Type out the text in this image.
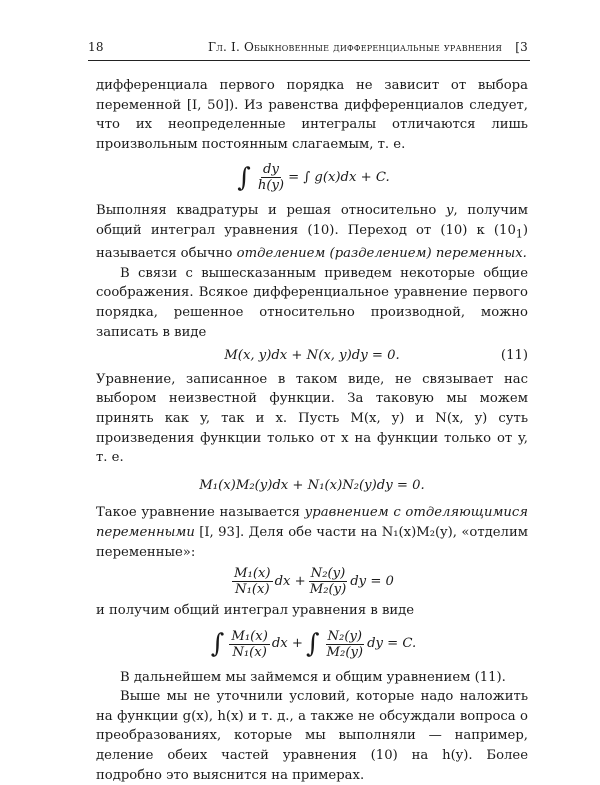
18	Гл. I. Обыкновенные дифференциальные уравнения [3

дифференциала первого порядка не зависит от выбора переменной [I, 50]). Из равенства дифференциалов следует, что их неопределенные интегралы отличаются лишь произвольным постоянным слагаемым, т. е.

∫ $\frac{dy}{h(y)}$ = ∫ g(x)dx + C.

Выполняя квадратуры и решая относительно y, получим общий интеграл уравнения (10). Переход от (10) к $(10_1)$ называется обычно отделением (разделением) переменных.

В связи с вышесказанным приведем некоторые общие соображения. Всякое дифференциальное уравнение первого порядка, решенное относительно производной, можно записать в виде

M(x, y)dx + N(x, y)dy = 0.	(11)

Уравнение, записанное в таком виде, не связывает нас выбором неизвестной функции. За таковую мы можем принять как y, так и x. Пусть M(x, y) и N(x, y) суть произведения функции только от x на функции только от y, т. е.

M₁(x)M₂(y)dx + N₁(x)N₂(y)dy = 0.

Такое уравнение называется уравнением с отделяющимися переменными [I, 93]. Деля обе части на N₁(x)M₂(y), «отделим переменные»:

$\frac{\text{M₁(x)}}{\text{N₁(x)}}$ dx + $\frac{\text{N₂(y)}}{\text{M₂(y)}}$ dy = 0

и получим общий интеграл уравнения в виде

∫ $\frac{\text{M₁(x)}}{\text{N₁(x)}}$ dx + ∫ $\frac{\text{N₂(y)}}{\text{M₂(y)}}$ dy = C.

В дальнейшем мы займемся и общим уравнением (11).

Выше мы не уточнили условий, которые надо наложить на функции g(x), h(x) и т. д., а также не обсуждали вопроса о преобразованиях, которые мы выполняли — например, деление обеих частей уравнения (10) на h(y). Более подробно это выяснится на примерах.
